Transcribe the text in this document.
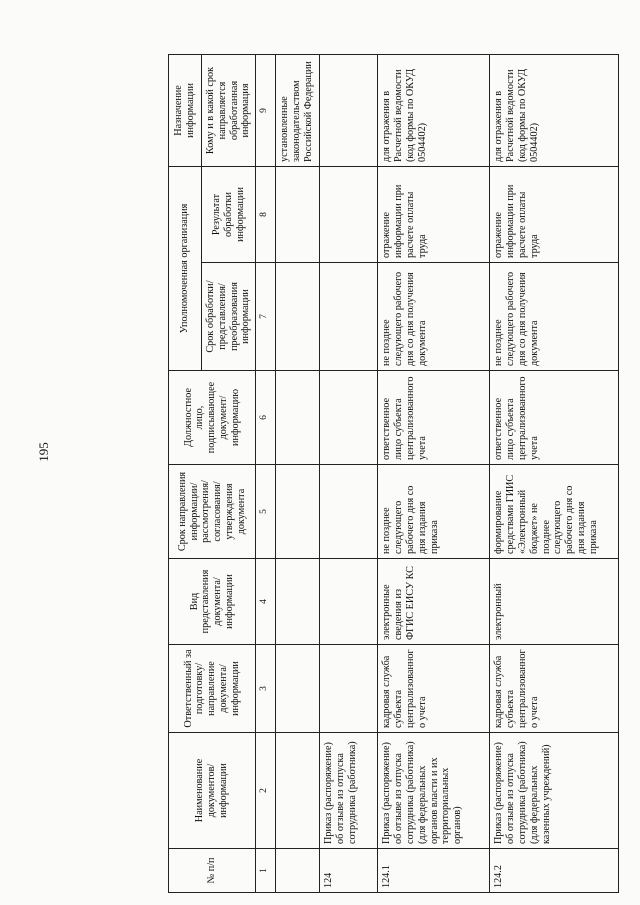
195
№ п/п	Наименование документов/ информации	Ответственный за подготовку/ направление документа/ информации	Вид представления документа/ информации	Срок направления информации/ рассмотрения/ согласования/ утверждения документа	Должностное лицо, подписывающее документ/ информацию	Уполномоченная организация		Назначение информации
						Срок обработки/ представления/ преобразования информации	Результат обработки информации	Кому и в какой срок направляется обработанная информация
1	2	3	4	5	6	7	8	9
								установленные законодательством Российской Федерации
124	Приказ (распоряжение) об отзыве из отпуска сотрудника (работника)							
124.1	Приказ (распоряжение) об отзыве из отпуска сотрудника (работника) (для федеральных органов власти и их территориальных органов)	кадровая служба субъекта централизованного учета	электронные сведения из ФГИС ЕИСУ КС	не позднее следующего рабочего дня со дня издания приказа	ответственное лицо субъекта централизованного учета	не позднее следующего рабочего дня со дня получения документа	отражение информации при расчете оплаты труда	для отражения в Расчетной ведомости (код формы по ОКУД 0504402)
124.2	Приказ (распоряжение) об отзыве из отпуска сотрудника (работника) (для федеральных казенных учреждений)	кадровая служба субъекта централизованного учета	электронный	формирование средствами ГИИС «Электронный бюджет» не позднее следующего рабочего дня со дня издания приказа	ответственное лицо субъекта централизованного учета	не позднее следующего рабочего дня со дня получения документа	отражение информации при расчете оплаты труда	для отражения в Расчетной ведомости (код формы по ОКУД 0504402)
